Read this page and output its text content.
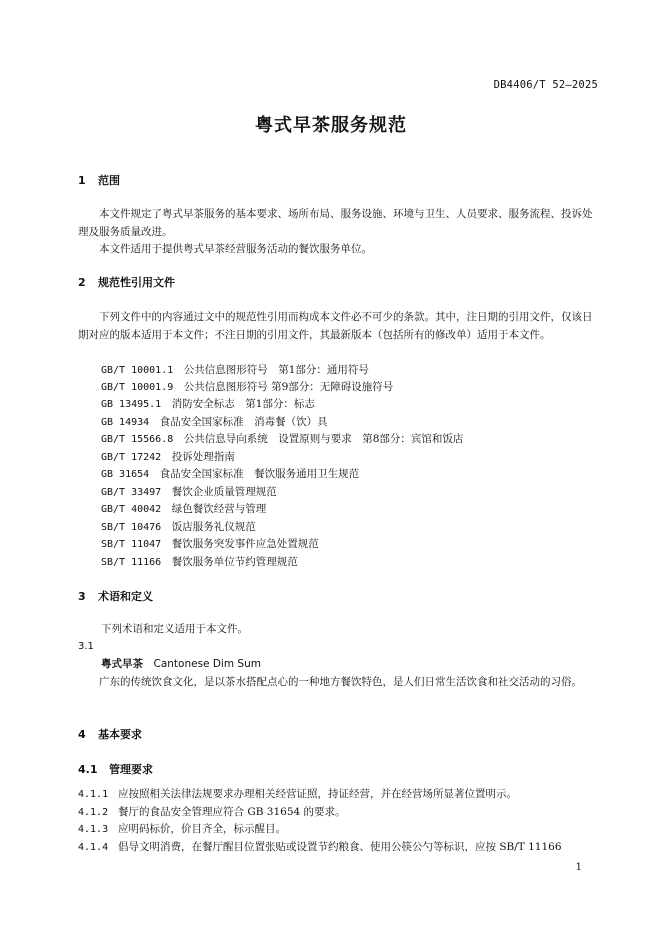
DB4406/T 52—2025
粤式早茶服务规范
1 范围
本文件规定了粤式早茶服务的基本要求、场所布局、服务设施、环境与卫生、人员要求、服务流程、投诉处理及服务质量改进。
本文件适用于提供粤式早茶经营服务活动的餐饮服务单位。
2 规范性引用文件
下列文件中的内容通过文中的规范性引用而构成本文件必不可少的条款。其中，注日期的引用文件，仅该日期对应的版本适用于本文件；不注日期的引用文件，其最新版本（包括所有的修改单）适用于本文件。
GB/T 10001.1　 公共信息图形符号　第1部分：通用符号
GB/T 10001.9　 公共信息图形符号 第9部分：无障碍设施符号
GB 13495.1　 消防安全标志　第1部分：标志
GB 14934　 食品安全国家标准　消毒餐（饮）具
GB/T 15566.8　 公共信息导向系统　设置原则与要求　第8部分：宾馆和饭店
GB/T 17242　 投诉处理指南
GB 31654　 食品安全国家标准　餐饮服务通用卫生规范
GB/T 33497　 餐饮企业质量管理规范
GB/T 40042　 绿色餐饮经营与管理
SB/T 10476　 饭店服务礼仪规范
SB/T 11047　 餐饮服务突发事件应急处置规范
SB/T 11166　 餐饮服务单位节约管理规范
3 术语和定义
下列术语和定义适用于本文件。
3.1
粤式早茶　 Cantonese Dim Sum
广东的传统饮食文化，是以茶水搭配点心的一种地方餐饮特色，是人们日常生活饮食和社交活动的习俗。
4 基本要求
4.1 管理要求
4.1.1 应按照相关法律法规要求办理相关经营证照，持证经营，并在经营场所显著位置明示。
4.1.2 餐厅的食品安全管理应符合 GB 31654 的要求。
4.1.3 应明码标价，价目齐全，标示醒目。
4.1.4 倡导文明消费，在餐厅醒目位置张贴或设置节约粮食、使用公筷公勺等标识，应按 SB/T 11166
1
